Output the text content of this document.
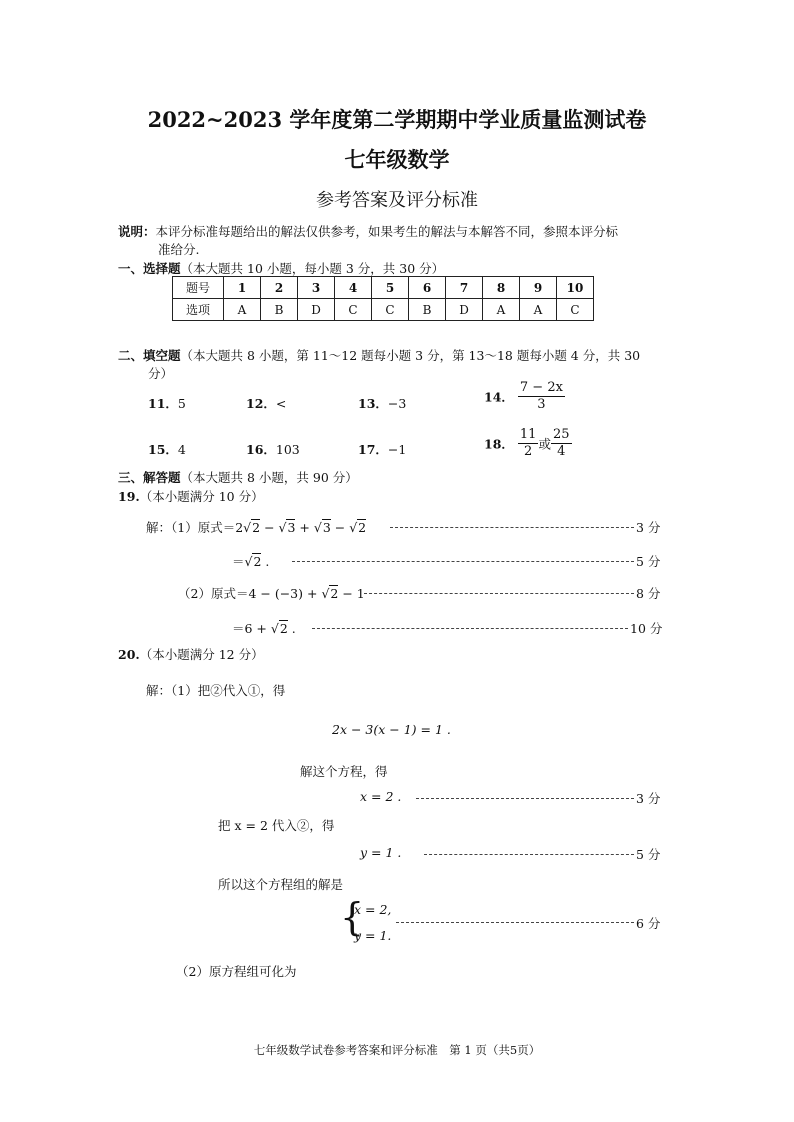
2022~2023 学年度第二学期期中学业质量监测试卷
七年级数学
参考答案及评分标准
说明：本评分标准每题给出的解法仅供参考，如果考生的解法与本解答不同，参照本评分标
准给分.
一、选择题（本大题共 10 小题，每小题 3 分，共 30 分）
题号	1	2	3	4	5	6	7	8	9	10
选项	A	B	D	C	C	B	D	A	A	C
二、填空题（本大题共 8 小题，第 11～12 题每小题 3 分，第 13～18 题每小题 4 分，共 30
分）
11．5	12．<	13．−3	14． $\frac{7 - 2x}{3}$
15．4	16．103	17．−1	18． $\frac{11}{2}$ 或 $\frac{25}{4}$
三、解答题（本大题共 8 小题，共 90 分）
19.（本小题满分 10 分）
解：（1）原式＝2√2 − √3 + √3 − √2	3 分
＝√2 .	5 分
（2）原式＝4 − (−3) + √2 − 1	8 分
＝6 + √2 .	10 分
20.（本小题满分 12 分）
解：（1）把②代入①，得
2x − 3(x − 1) = 1 .
解这个方程，得
x = 2 .	3 分
把 x = 2 代入②，得
y = 1 .	5 分
所以这个方程组的解是
{
x = 2,
y = 1.
6 分
（2）原方程组可化为
七年级数学试卷参考答案和评分标准　第 1 页（共5页）
